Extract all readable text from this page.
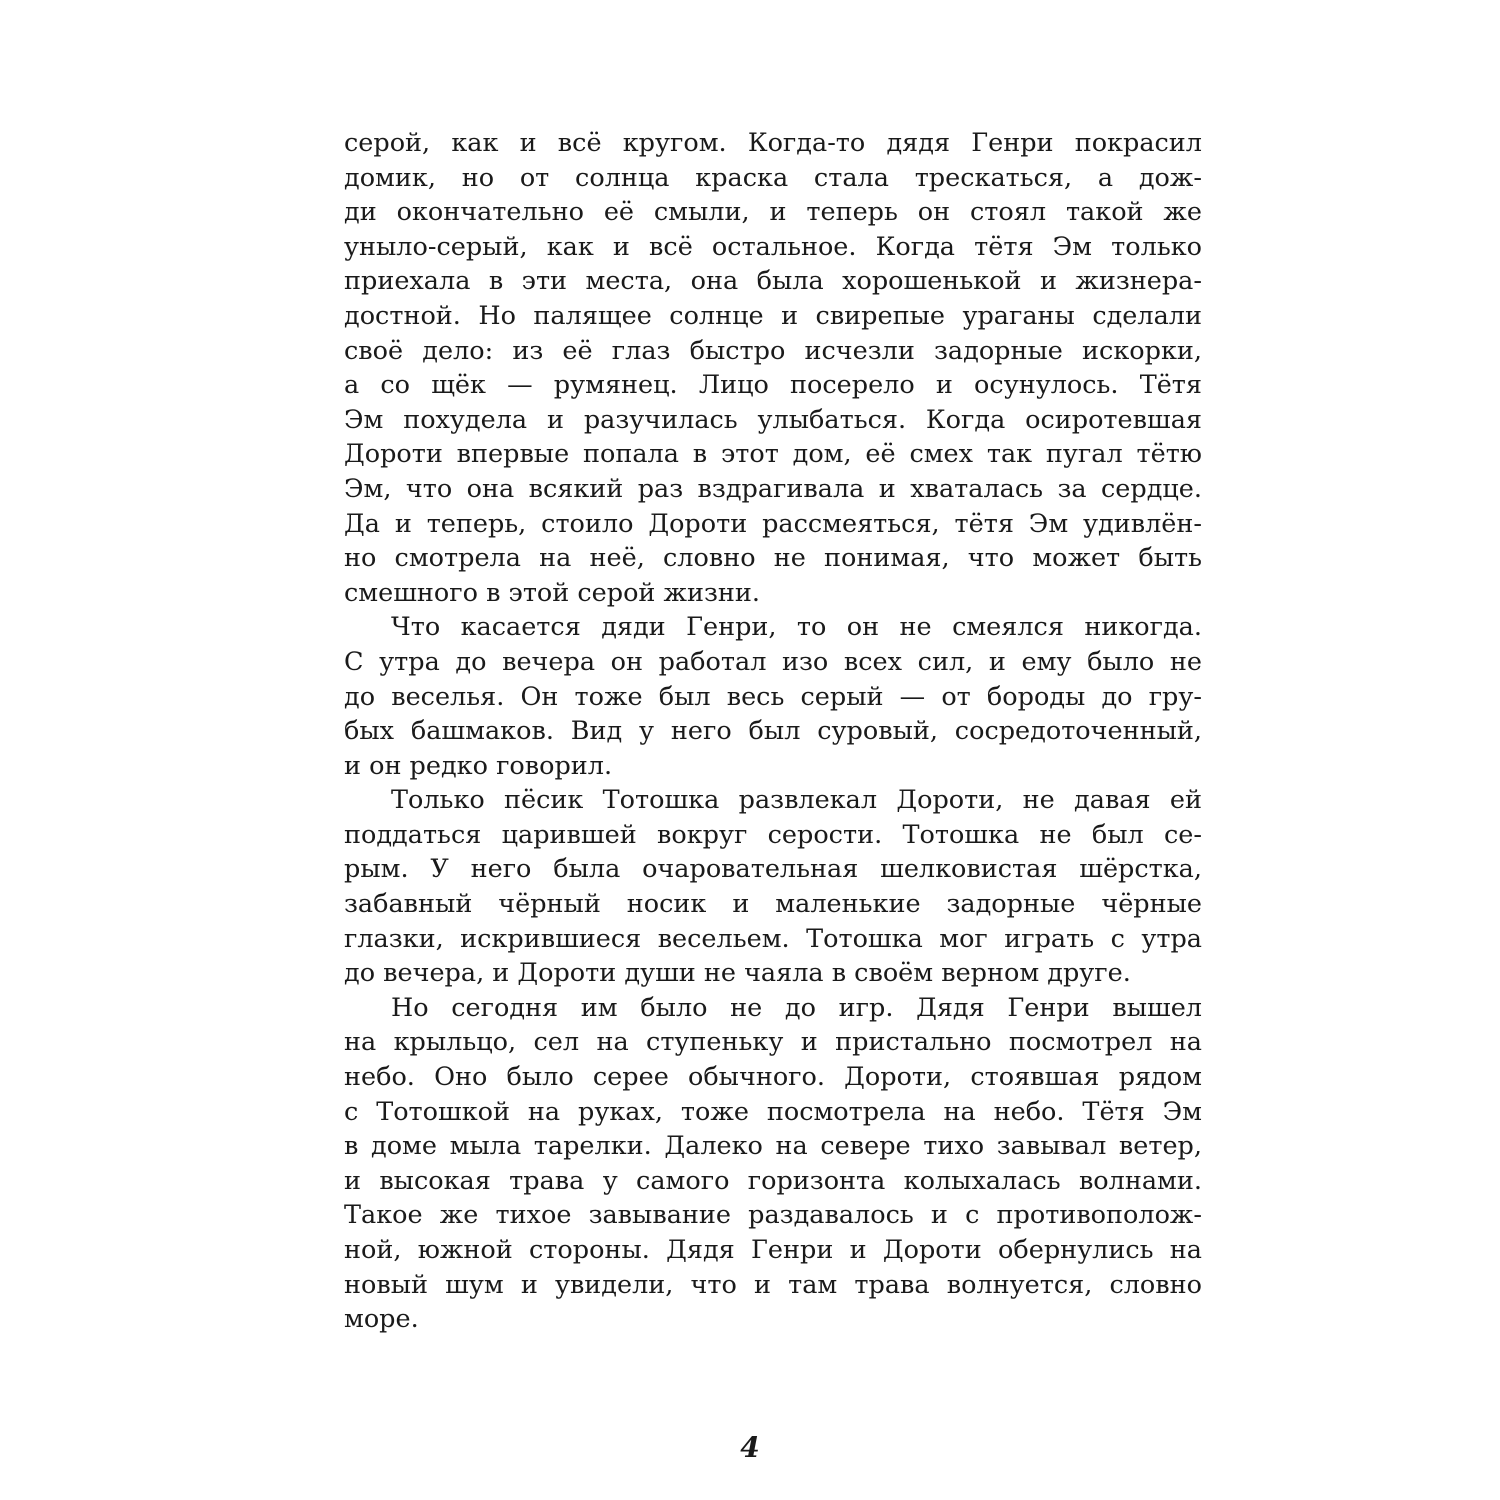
серой, как и всё кругом. Когда-то дядя Генри покрасил
домик, но от солнца краска стала трескаться, а дож-
ди окончательно её смыли, и теперь он стоял такой же
уныло-серый, как и всё остальное. Когда тётя Эм только
приехала в эти места, она была хорошенькой и жизнера-
достной. Но палящее солнце и свирепые ураганы сделали
своё дело: из её глаз быстро исчезли задорные искорки,
а со щёк — румянец. Лицо посерело и осунулось. Тётя
Эм похудела и разучилась улыбаться. Когда осиротевшая
Дороти впервые попала в этот дом, её смех так пугал тётю
Эм, что она всякий раз вздрагивала и хваталась за сердце.
Да и теперь, стоило Дороти рассмеяться, тётя Эм удивлён-
но смотрела на неё, словно не понимая, что может быть
смешного в этой серой жизни.
Что касается дяди Генри, то он не смеялся никогда.
С утра до вечера он работал изо всех сил, и ему было не
до веселья. Он тоже был весь серый — от бороды до гру-
бых башмаков. Вид у него был суровый, сосредоточенный,
и он редко говорил.
Только пёсик Тотошка развлекал Дороти, не давая ей
поддаться царившей вокруг серости. Тотошка не был се-
рым. У него была очаровательная шелковистая шёрстка,
забавный чёрный носик и маленькие задорные чёрные
глазки, искрившиеся весельем. Тотошка мог играть с утра
до вечера, и Дороти души не чаяла в своём верном друге.
Но сегодня им было не до игр. Дядя Генри вышел
на крыльцо, сел на ступеньку и пристально посмотрел на
небо. Оно было серее обычного. Дороти, стоявшая рядом
с Тотошкой на руках, тоже посмотрела на небо. Тётя Эм
в доме мыла тарелки. Далеко на севере тихо завывал ветер,
и высокая трава у самого горизонта колыхалась волнами.
Такое же тихое завывание раздавалось и с противополож-
ной, южной стороны. Дядя Генри и Дороти обернулись на
новый шум и увидели, что и там трава волнуется, словно
море.
4
